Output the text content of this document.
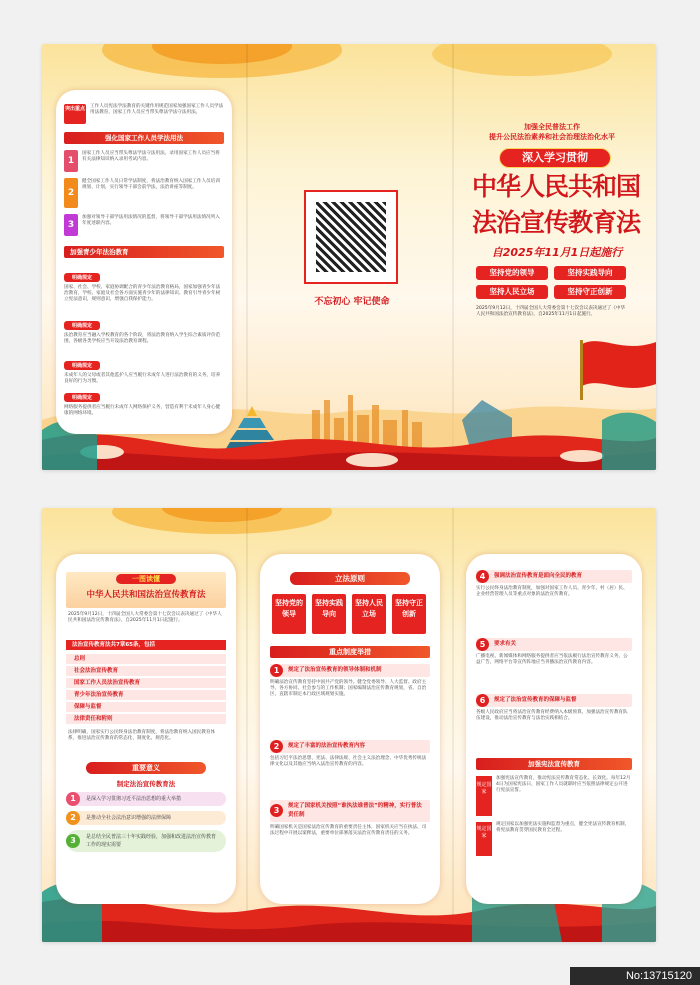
突出重点 工作人员宪法学法教育的关键作用规范国家加强国家工作人员学法用法教育，国家工作人员应当带头尊法学法守法用法。
强化国家工作人员学法用法
1
国家工作人员应当带头尊法学法守法用法，录用国家工作人员应当将有关法律知识纳入录用考试内容。
2
健全国家工作人员日常学法制度，将法治教育纳入国家工作人员培训规划、计划，实行领导干部会前学法，法治讲座等制度。
3
加强对领导干部学法用法情况的监督，将领导干部学法用法情况列入年度述职内容。
加强青少年法治教育
明确规定
国家、社会、学校、家庭协调配合的青少年法治教育格局，国家加强青少年法治教育，学校、家庭及社会各方面实施青少年的法律知识、教育引导青少年树立宪法意识，规则意识，增强自我保护能力。
明确规定
法治教育应当融入学校教育的各个阶段，将法治教育纳入学生综合素质评价范围，各级各类学校应当开设法治教育课程。
明确规定
未成年人的父母或者其他监护人应当履行未成年人进行法治教育的义务，培养良好的行为习惯。
明确规定
网络服务提供者应当履行未成年人网络保护义务，营造有利于未成年人身心健康的网络环境。
不忘初心 牢记使命
加强全民普法工作
提升公民法治素养和社会治理法治化水平
深入学习贯彻
中华人民共和国
法治宣传教育法
自2025年11月1日起施行
坚持党的领导	坚持实践导向
坚持人民立场	坚持守正创新
2025年9月12日，十四届全国人大常委会第十七次会议表决通过了《中华人民共和国法治宣传教育法》，自2025年11月1日起施行。
一图读懂
中华人民共和国法治宣传教育法
2025年9月12日，十四届全国人大常委会第十七次会议表决通过了《中华人民共和国法治宣传教育法》，自2025年11月1日起施行。
法治宣传教育法共7章65条，包括
总则
社会法治宣传教育
国家工作人员法治宣传教育
青少年法治宣传教育
保障与监督
法律责任和附则
法律明确，国家实行公民终身法治教育制度，将法治教育纳入国民教育体系，推进法治宣传教育的常态化、制度化、规范化。
重要意义
制定法治宣传教育法
1	是深入学习贯彻习近平法治思想的重大举措
2	是推动全社会法治意识增强的法律保障
3	是总结全民普法三十年实践经验，加强和改进法治宣传教育工作的现实需要
立法原则
坚持党的领导
坚持实践导向
坚持人民立场
坚持守正创新
重点制度举措
1	规定了法治宣传教育的领导体制和机制
明确法治宣传教育坚持中国共产党的领导。健全党委领导、人大监督、政府主导、各方协同、社会参与的工作机制；国家编制法治宣传教育规划，省、自治区、直辖市制定本行政区域规划实施。
2	规定了丰富的法治宣传教育内容
包括习近平法治思想、宪法、法律法规、社会主义法治理念、中华优秀传统法律文化以及其他应当纳入法治宣传教育的内容。
3	规定了国家机关按照“谁执法谁普法”的精神，实行普法责任制
明确国家机关是国家法治宣传教育的重要责任主体，国家机关应当在执法、司法过程中开展以案释法，重要单位部署落实法治宣传教育责任的义务。
4	强调法治宣传教育是面向全民的教育
实行公民终身法治教育制度，加强对国家工作人员、青少年、村（居）民、企业经营管理人员等重点对象的法治宣传教育。
5	要求有关
广播电视、新闻媒体和网络服务提供者应当依法履行法治宣传教育义务，公益广告、网络平台等宣传阵地应当刊播法治宣传教育内容。
6	规定了法治宣传教育的保障与监督
各级人民政府应当将法治宣传教育经费纳入本级预算，加强法治宣传教育队伍建设，推动法治宣传教育与法治实践相结合。
加强宪法宣传教育
规定国家
加强宪法宣传教育，推动宪法宣传教育常态化、长效化。每年12月4日为国家宪法日，国家工作人员就职时应当依照法律规定公开进行宪法宣誓。
规定国家
规定国家以加强宪法实施和监督为重点，健全宪法宣传教育机制，将宪法教育贯穿国民教育全过程。
No:13715120
